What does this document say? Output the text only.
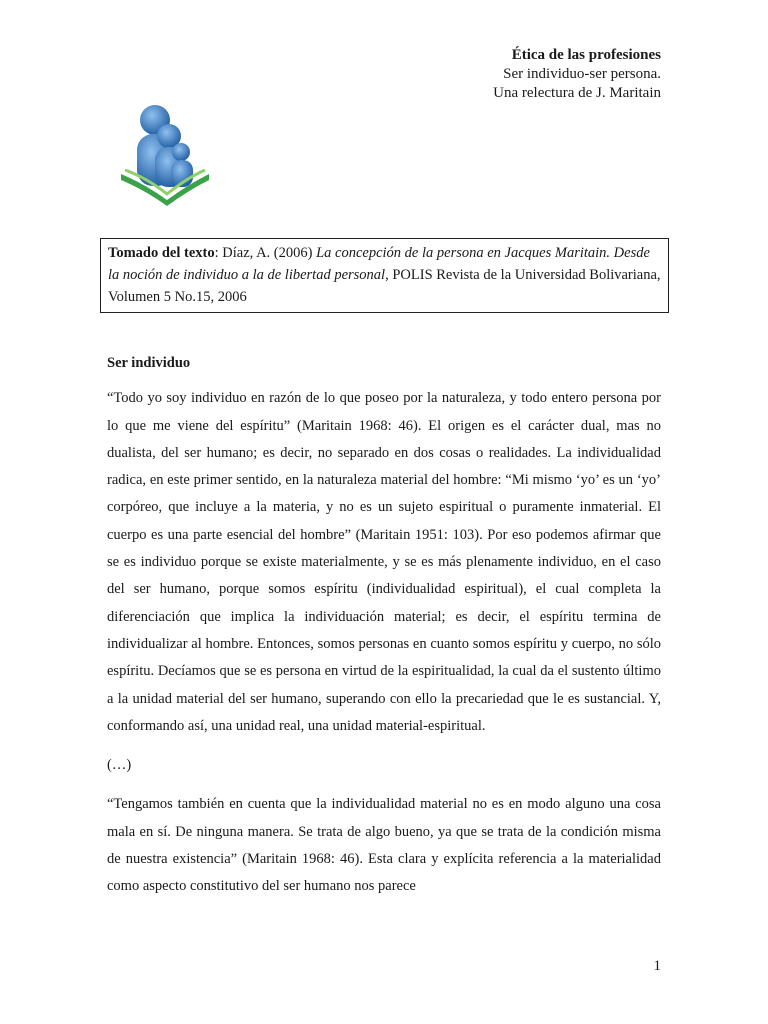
Ética de las profesiones
Ser individuo-ser persona.
Una relectura de J. Maritain
Tomado del texto: Díaz, A. (2006) La concepción de la persona en Jacques Maritain. Desde la noción de individuo a la de libertad personal, POLIS Revista de la Universidad Bolivariana, Volumen 5 No.15, 2006

Ser individuo

“Todo yo soy individuo en razón de lo que poseo por la naturaleza, y todo entero persona por lo que me viene del espíritu” (Maritain 1968: 46). El origen es el carácter dual, mas no dualista, del ser humano; es decir, no separado en dos cosas o realidades. La individualidad radica, en este primer sentido, en la naturaleza material del hombre: “Mi mismo ‘yo’ es un ‘yo’ corpóreo, que incluye a la materia, y no es un sujeto espiritual o puramente inmaterial. El cuerpo es una parte esencial del hombre” (Maritain 1951: 103). Por eso podemos afirmar que se es individuo porque se existe materialmente, y se es más plenamente individuo, en el caso del ser humano, porque somos espíritu (individualidad espiritual), el cual completa la diferenciación que implica la individuación material; es decir, el espíritu termina de individualizar al hombre. Entonces, somos personas en cuanto somos espíritu y cuerpo, no sólo espíritu. Decíamos que se es persona en virtud de la espiritualidad, la cual da el sustento último a la unidad material del ser humano, superando con ello la precariedad que le es sustancial. Y, conformando así, una unidad real, una unidad material-espiritual.

(…)

“Tengamos también en cuenta que la individualidad material no es en modo alguno una cosa mala en sí. De ninguna manera. Se trata de algo bueno, ya que se trata de la condición misma de nuestra existencia” (Maritain 1968: 46). Esta clara y explícita referencia a la materialidad como aspecto constitutivo del ser humano nos parece

1
